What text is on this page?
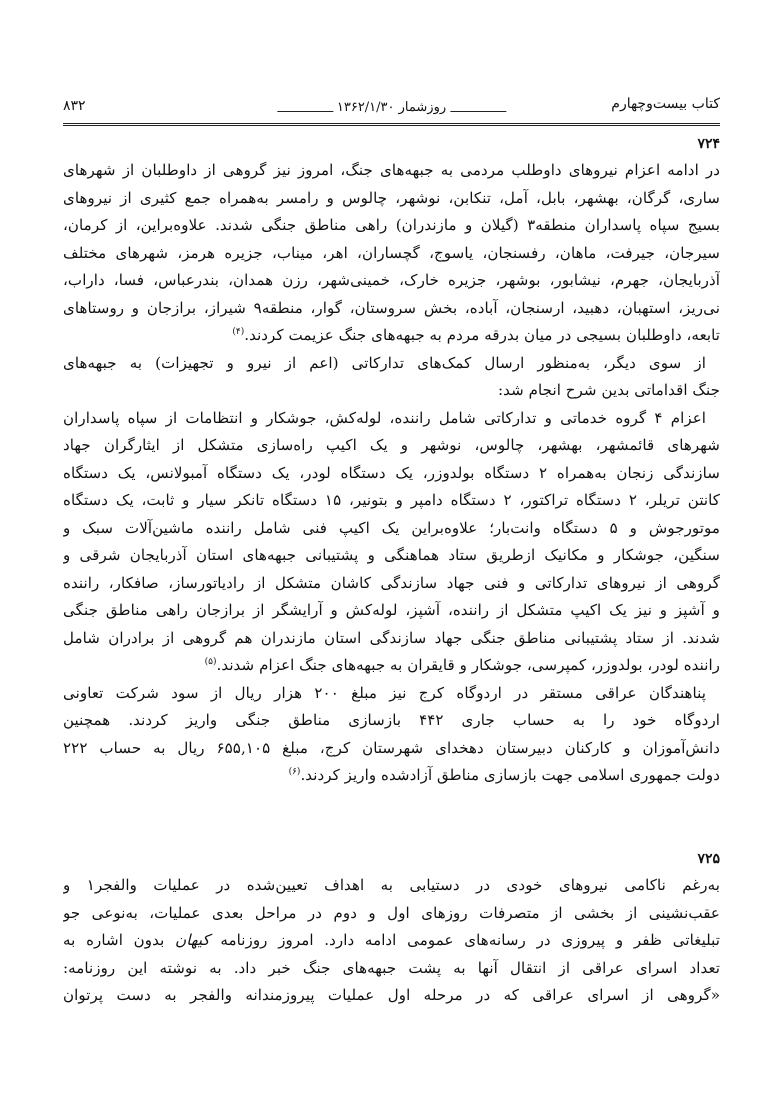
کتاب بیست‌وچهارم
روزشمار ۱۳۶۲/۱/۳۰
۸۳۲
۷۲۴
در ادامه اعزام نیروهای داوطلب مردمی به جبهه‌های جنگ، امروز نیز گروهی از داوطلبان از شهرهای
ساری، گرگان، بهشهر، بابل، آمل، تنکابن، نوشهر، چالوس و رامسر به‌همراه جمع کثیری از نیروهای
بسیج سپاه پاسداران منطقه۳ (گیلان و مازندران) راهی مناطق جنگی شدند. علاوه‌براین، از کرمان،
سیرجان، جیرفت، ماهان، رفسنجان، یاسوج، گچساران، اهر، میناب، جزیره هرمز، شهرهای مختلف
آذربایجان، جهرم، نیشابور، بوشهر، جزیره خارک، خمینی‌شهر، رزن همدان، بندرعباس، فسا، داراب،
نی‌ریز، استهبان، دهبید، ارسنجان، آباده، بخش سروستان، گوار، منطقه۹ شیراز، برازجان و روستاهای
تابعه، داوطلبان بسیجی در میان بدرقه مردم به جبهه‌های جنگ عزیمت کردند.$^{(۴)}$
از سوی دیگر، به‌منظور ارسال کمک‌های تدارکاتی (اعم از نیرو و تجهیزات) به جبهه‌های
جنگ اقداماتی بدین شرح انجام شد:
اعزام ۴ گروه خدماتی و تدارکاتی شامل راننده، لوله‌کش، جوشکار و انتظامات از سپاه پاسداران
شهرهای قائمشهر، بهشهر، چالوس، نوشهر و یک اکیپ راه‌سازی متشکل از ایثارگران جهاد
سازندگی زنجان به‌همراه ۲ دستگاه بولدوزر، یک دستگاه لودر، یک دستگاه آمبولانس، یک دستگاه
کانتن تریلر، ۲ دستگاه تراکتور، ۲ دستگاه دامپر و بتونیر، ۱۵ دستگاه تانکر سیار و ثابت، یک دستگاه
موتورجوش و ۵ دستگاه وانت‌بار؛ علاوه‌براین یک اکیپ فنی شامل راننده ماشین‌آلات سبک و
سنگین، جوشکار و مکانیک ازطریق ستاد هماهنگی و پشتیبانی جبهه‌های استان آذربایجان شرقی و
گروهی از نیروهای تدارکاتی و فنی جهاد سازندگی کاشان متشکل از رادیاتورساز، صافکار، راننده
و آشپز و نیز یک اکیپ متشکل از راننده، آشپز، لوله‌کش و آرایشگر از برازجان راهی مناطق جنگی
شدند. از ستاد پشتیبانی مناطق جنگی جهاد سازندگی استان مازندران هم گروهی از برادران شامل
راننده لودر، بولدوزر، کمپرسی، جوشکار و قایقران به جبهه‌های جنگ اعزام شدند.$^{(۵)}$
پناهندگان عراقی مستقر در اردوگاه کرج نیز مبلغ ۲۰۰ هزار ریال از سود شرکت تعاونی
اردوگاه خود را به حساب جاری ۴۴۲ بازسازی مناطق جنگی واریز کردند. همچنین
دانش‌آموزان و کارکنان دبیرستان دهخدای شهرستان کرج، مبلغ ۶۵۵,۱۰۵ ریال به حساب ۲۲۲
دولت جمهوری اسلامی جهت بازسازی مناطق آزادشده واریز کردند.$^{(۶)}$
۷۲۵
به‌رغم ناکامی نیروهای خودی در دستیابی به اهداف تعیین‌شده در عملیات والفجر۱ و
عقب‌نشینی از بخشی از متصرفات روزهای اول و دوم در مراحل بعدی عملیات، به‌نوعی جو
تبلیغاتی ظفر و پیروزی در رسانه‌های عمومی ادامه دارد. امروز روزنامه کیهان بدون اشاره به
تعداد اسرای عراقی از انتقال آنها به پشت جبهه‌های جنگ خبر داد. به نوشته این روزنامه:
«گروهی از اسرای عراقی که در مرحله اول عملیات پیروزمندانه والفجر به دست پرتوان
